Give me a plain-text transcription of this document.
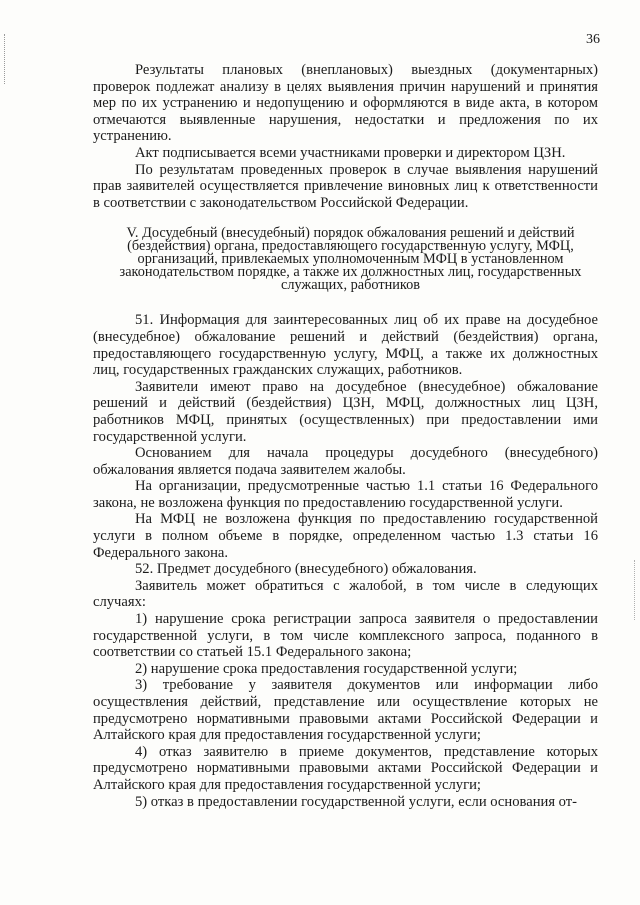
36

Результаты плановых (внеплановых) выездных (документарных) проверок подлежат анализу в целях выявления причин нарушений и принятия мер по их устранению и недопущению и оформляются в виде акта, в котором отмечаются выявленные нарушения, недостатки и предложения по их устранению.

Акт подписывается всеми участниками проверки и директором ЦЗН.

По результатам проведенных проверок в случае выявления нарушений прав заявителей осуществляется привлечение виновных лиц к ответственности в соответствии с законодательством Российской Федерации.

V. Досудебный (внесудебный) порядок обжалования решений и действий (бездействия) органа, предоставляющего государственную услугу, МФЦ, организаций, привлекаемых уполномоченным МФЦ в установленном законодательством порядке, а также их должностных лиц, государственных служащих, работников

51. Информация для заинтересованных лиц об их праве на досудебное (внесудебное) обжалование решений и действий (бездействия) органа, предоставляющего государственную услугу, МФЦ, а также их должностных лиц, государственных гражданских служащих, работников.

Заявители имеют право на досудебное (внесудебное) обжалование решений и действий (бездействия) ЦЗН, МФЦ, должностных лиц ЦЗН, работников МФЦ, принятых (осуществленных) при предоставлении ими государственной услуги.

Основанием для начала процедуры досудебного (внесудебного) обжалования является подача заявителем жалобы.

На организации, предусмотренные частью 1.1 статьи 16 Федерального закона, не возложена функция по предоставлению государственной услуги.

На МФЦ не возложена функция по предоставлению государственной услуги в полном объеме в порядке, определенном частью 1.3 статьи 16 Федерального закона.

52. Предмет досудебного (внесудебного) обжалования.

Заявитель может обратиться с жалобой, в том числе в следующих случаях:

1) нарушение срока регистрации запроса заявителя о предоставлении государственной услуги, в том числе комплексного запроса, поданного в соответствии со статьей 15.1 Федерального закона;

2) нарушение срока предоставления государственной услуги;

3) требование у заявителя документов или информации либо осуществления действий, представление или осуществление которых не предусмотрено нормативными правовыми актами Российской Федерации и Алтайского края для предоставления государственной услуги;

4) отказ заявителю в приеме документов, представление которых предусмотрено нормативными правовыми актами Российской Федерации и Алтайского края для предоставления государственной услуги;

5) отказ в предоставлении государственной услуги, если основания от-
